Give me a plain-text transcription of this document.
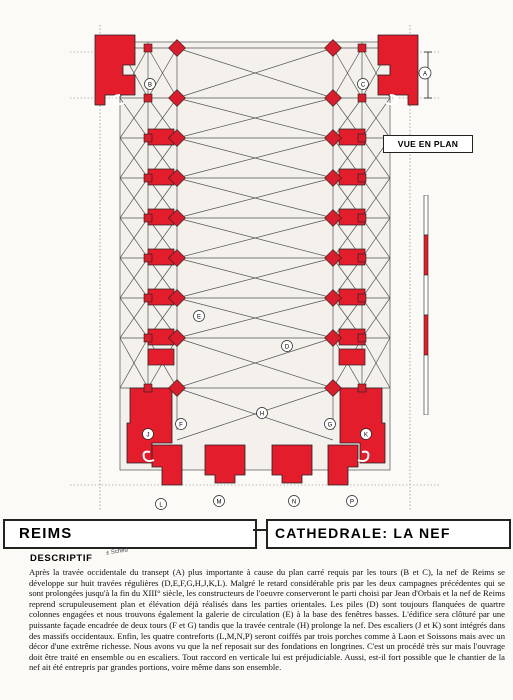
A
B	C
D
E
F	G
H
J	K
L	M	N	P
VUE EN PLAN
REIMS	CATHEDRALE: LA NEF
DESCRIPTIF
± Sched
Après la travée occidentale du transept (A) plus importante à cause du plan carré requis par les tours (B et C), la nef de Reims se développe sur huit travées régulières (D,E,F,G,H,J,K,L). Malgré le retard considérable pris par les deux campagnes précédentes qui se sont prolongées jusqu'à la fin du XIII° siècle, les constructeurs de l'oeuvre conserveront le parti choisi par Jean d'Orbais et la nef de Reims reprend scrupuleusement plan et élévation déjà réalisés dans les parties orientales. Les piles (D) sont toujours flanquées de quartre colonnes engagées et nous trouvons également la galerie de circulation (E) à la base des fenêtres basses. L'édifice sera clôturé par une puissante façade encadrée de deux tours (F et G) tandis que la travée centrale (H) prolonge la nef. Des escaliers (J et K) sont intégrés dans des massifs occidentaux. Enfin, les quatre contreforts (L,M,N,P) seront coiffés par trois porches comme à Laon et Soissons mais avec un décor d'une extrême richesse. Nous avons vu que la nef reposait sur des fondations en longrines. C'est un procédé très sur mais l'ouvrage doit être traité en ensemble ou en escaliers. Tout raccord en verticale lui est préjudiciable. Aussi, est-il fort possible que le chantier de la nef ait été entrepris par grandes portions, voire même dans son ensemble.
